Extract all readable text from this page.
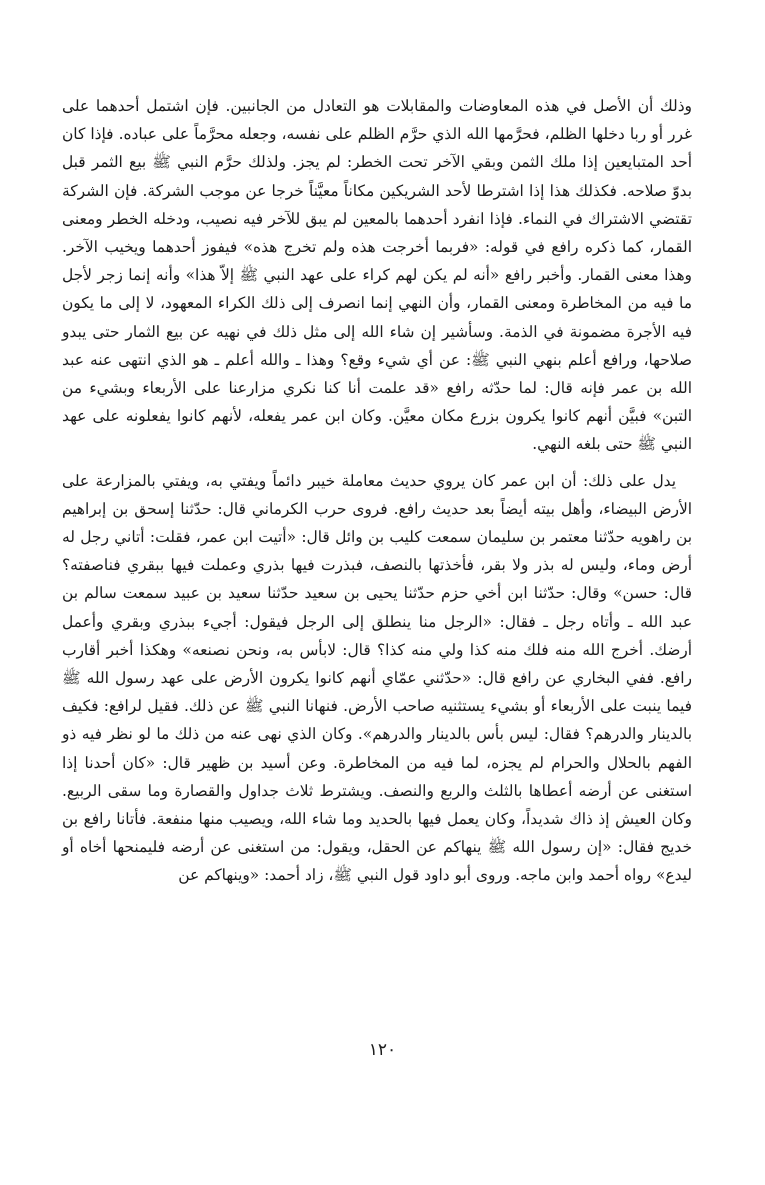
وذلك أن الأصل في هذه المعاوضات والمقابلات هو التعادل من الجانبين. فإن اشتمل أحدهما على غرر أو ربا دخلها الظلم، فحرَّمها الله الذي حرَّم الظلم على نفسه، وجعله محرَّماً على عباده. فإذا كان أحد المتبايعين إذا ملك الثمن وبقي الآخر تحت الخطر: لم يجز. ولذلك حرَّم النبي ﷺ بيع الثمر قبل بدوّ صلاحه. فكذلك هذا إذا اشترطا لأحد الشريكين مكاناً معيَّناً خرجا عن موجب الشركة. فإن الشركة تقتضي الاشتراك في النماء. فإذا انفرد أحدهما بالمعين لم يبق للآخر فيه نصيب، ودخله الخطر ومعنى القمار، كما ذكره رافع في قوله: «فربما أخرجت هذه ولم تخرج هذه» فيفوز أحدهما ويخيب الآخر. وهذا معنى القمار. وأخبر رافع «أنه لم يكن لهم كراء على عهد النبي ﷺ إلاّ هذا» وأنه إنما زجر لأجل ما فيه من المخاطرة ومعنى القمار، وأن النهي إنما انصرف إلى ذلك الكراء المعهود، لا إلى ما يكون فيه الأجرة مضمونة في الذمة. وسأشير إن شاء الله إلى مثل ذلك في نهيه عن بيع الثمار حتى يبدو صلاحها، ورافع أعلم بنهي النبي ﷺ: عن أي شيء وقع؟ وهذا ـ والله أعلم ـ هو الذي انتهى عنه عبد الله بن عمر فإنه قال: لما حدّثه رافع «قد علمت أنا كنا نكري مزارعنا على الأربعاء وبشيء من التبن» فبيَّن أنهم كانوا يكرون بزرع مكان معيَّن. وكان ابن عمر يفعله، لأنهم كانوا يفعلونه على عهد النبي ﷺ حتى بلغه النهي.

يدل على ذلك: أن ابن عمر كان يروي حديث معاملة خيبر دائماً ويفتي به، ويفتي بالمزارعة على الأرض البيضاء، وأهل بيته أيضاً بعد حديث رافع. فروى حرب الكرماني قال: حدّثنا إسحق بن إبراهيم بن راهويه حدّثنا معتمر بن سليمان سمعت كليب بن وائل قال: «أتيت ابن عمر، فقلت: أتاني رجل له أرض وماء، وليس له بذر ولا بقر، فأخذتها بالنصف، فبذرت فيها بذري وعملت فيها ببقري فناصفته؟ قال: حسن» وقال: حدّثنا ابن أخي حزم حدّثنا يحيى بن سعيد حدّثنا سعيد بن عبيد سمعت سالم بن عبد الله ـ وأتاه رجل ـ فقال: «الرجل منا ينطلق إلى الرجل فيقول: أجيء ببذري وبقري وأعمل أرضك. أخرج الله منه فلك منه كذا ولي منه كذا؟ قال: لابأس به، ونحن نصنعه» وهكذا أخبر أقارب رافع. ففي البخاري عن رافع قال: «حدّثني عمّاي أنهم كانوا يكرون الأرض على عهد رسول الله ﷺ فيما ينبت على الأربعاء أو بشيء يستثنيه صاحب الأرض. فنهانا النبي ﷺ عن ذلك. فقيل لرافع: فكيف بالدينار والدرهم؟ فقال: ليس بأس بالدينار والدرهم». وكان الذي نهى عنه من ذلك ما لو نظر فيه ذو الفهم بالحلال والحرام لم يجزه، لما فيه من المخاطرة. وعن أسيد بن ظهير قال: «كان أحدنا إذا استغنى عن أرضه أعطاها بالثلث والربع والنصف. ويشترط ثلاث جداول والقصارة وما سقى الربيع. وكان العيش إذ ذاك شديداً، وكان يعمل فيها بالحديد وما شاء الله، ويصيب منها منفعة. فأتانا رافع بن خديج فقال: «إن رسول الله ﷺ ينهاكم عن الحقل، ويقول: من استغنى عن أرضه فليمنحها أخاه أو ليدع» رواه أحمد وابن ماجه. وروى أبو داود قول النبي ﷺ، زاد أحمد: «وينهاكم عن

١٢٠
